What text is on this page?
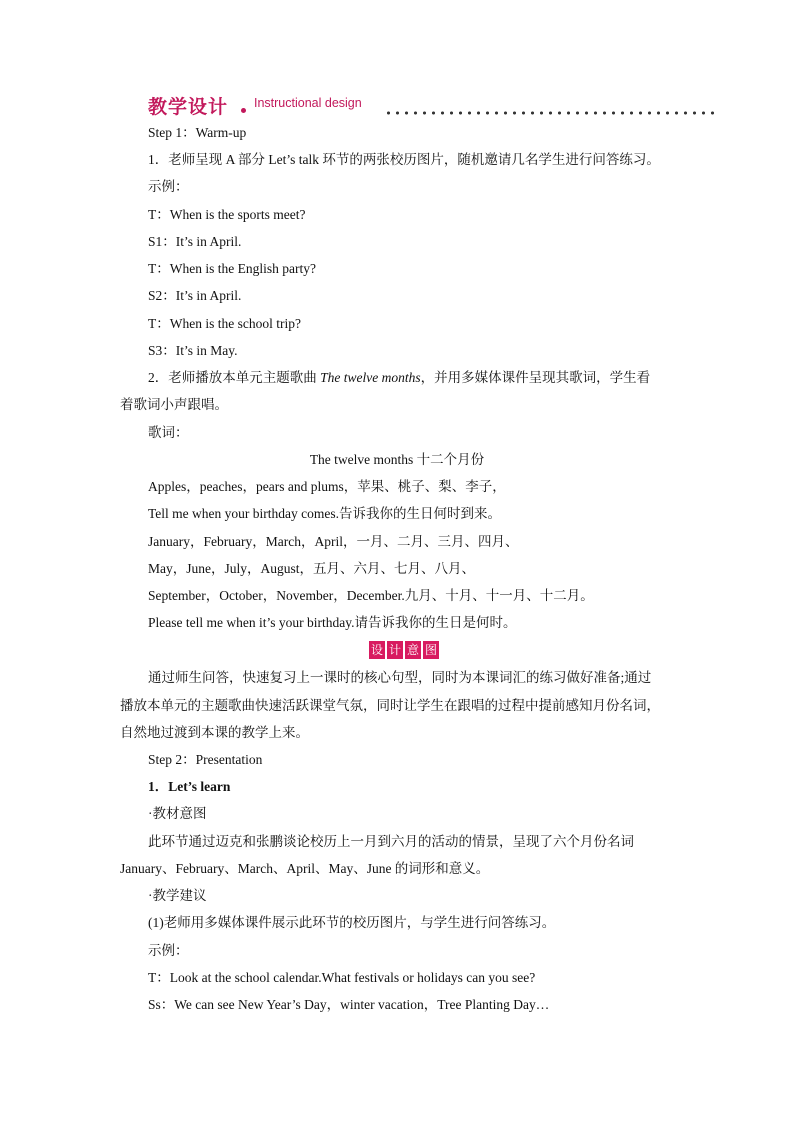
教学设计 Instructional design
Step 1：Warm-up
1．老师呈现 A 部分 Let’s talk 环节的两张校历图片，随机邀请几名学生进行问答练习。
示例：
T：When is the sports meet?
S1：It’s in April.
T：When is the English party?
S2：It’s in April.
T：When is the school trip?
S3：It’s in May.
2．老师播放本单元主题歌曲 The twelve months，并用多媒体课件呈现其歌词，学生看
着歌词小声跟唱。
歌词：
The twelve months 十二个月份
Apples，peaches，pears and plums，苹果、桃子、梨、李子，
Tell me when your birthday comes.告诉我你的生日何时到来。
January，February，March，April，一月、二月、三月、四月、
May，June，July，August，五月、六月、七月、八月、
September，October，November，December.九月、十月、十一月、十二月。
Please tell me when it’s your birthday.请告诉我你的生日是何时。
设 计 意 图
通过师生问答，快速复习上一课时的核心句型，同时为本课词汇的练习做好准备;通过
播放本单元的主题歌曲快速活跃课堂气氛，同时让学生在跟唱的过程中提前感知月份名词，
自然地过渡到本课的教学上来。
Step 2：Presentation
1．Let’s learn
·教材意图
此环节通过迈克和张鹏谈论校历上一月到六月的活动的情景，呈现了六个月份名词
January、February、March、April、May、June 的词形和意义。
·教学建议
(1)老师用多媒体课件展示此环节的校历图片，与学生进行问答练习。
示例：
T：Look at the school calendar.What festivals or holidays can you see?
Ss：We can see New Year’s Day，winter vacation，Tree Planting Day…
